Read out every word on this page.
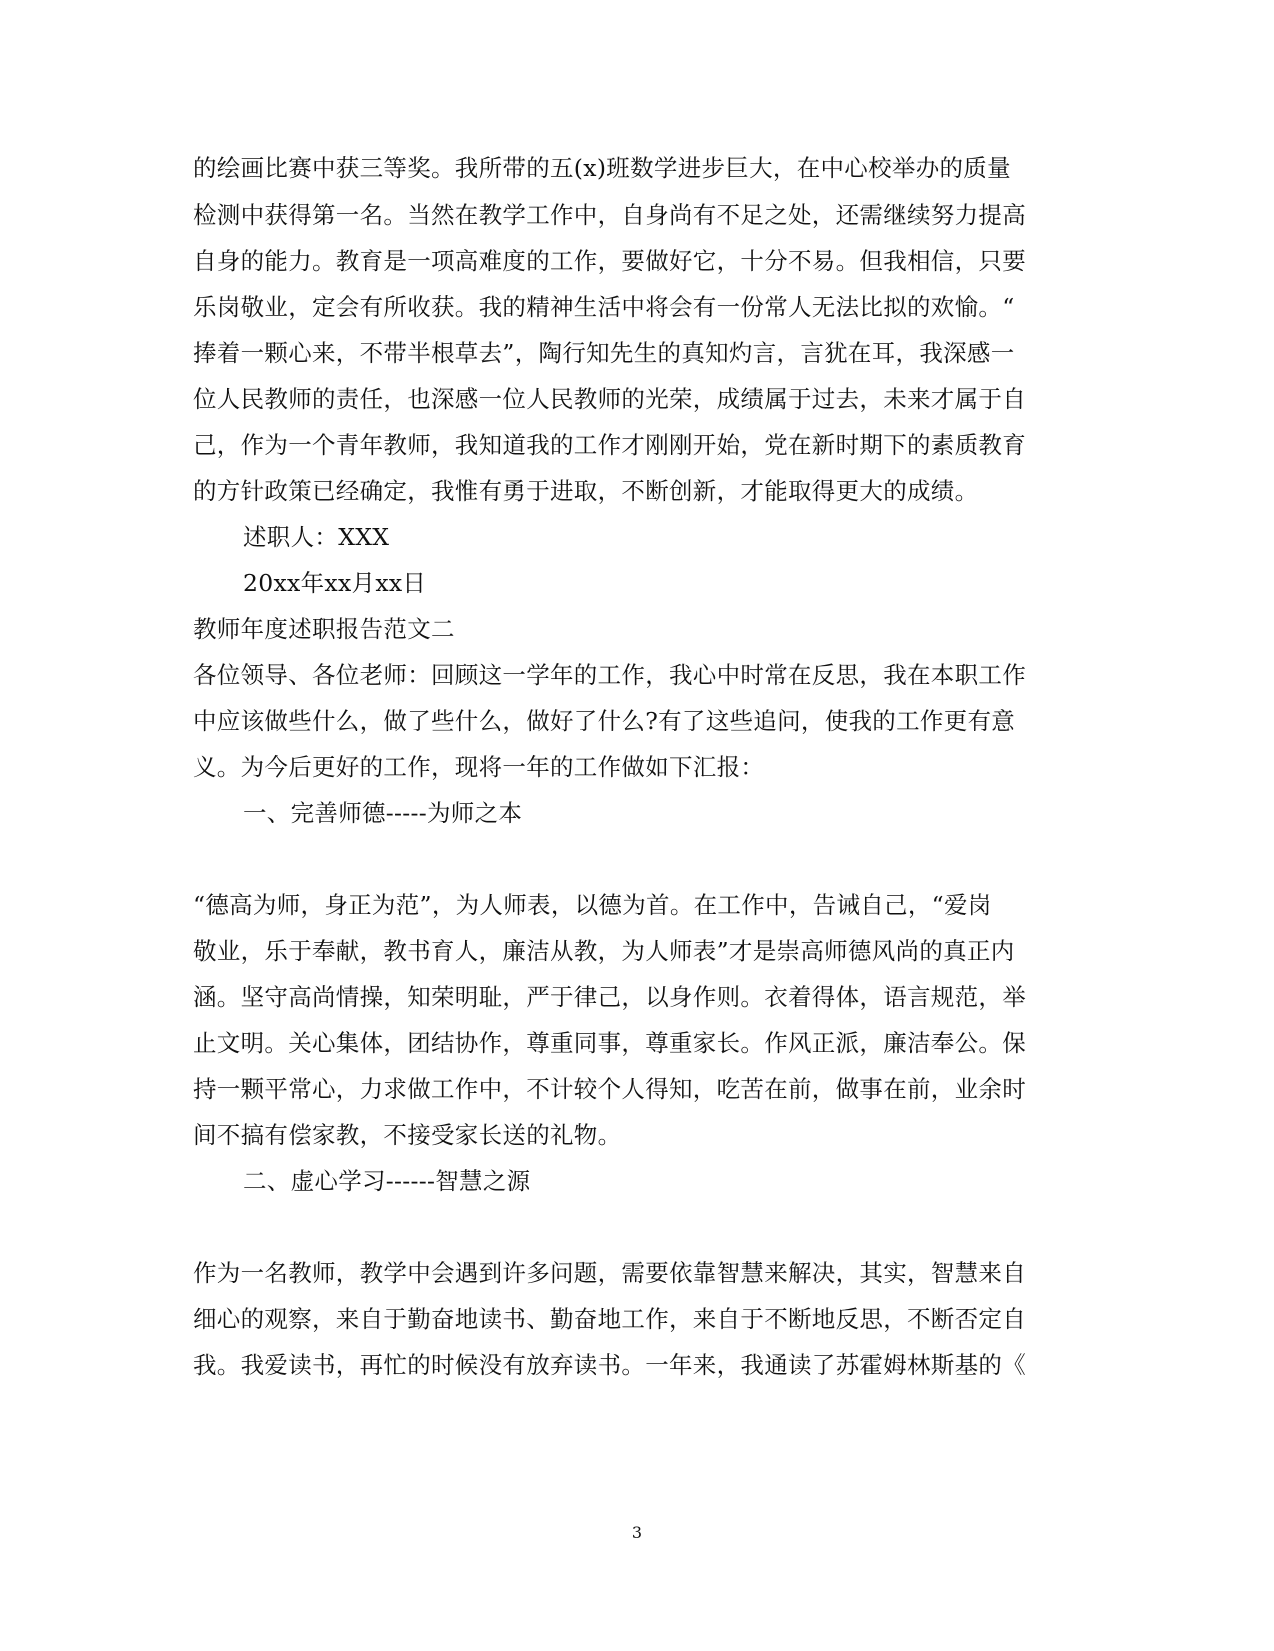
的绘画比赛中获三等奖。我所带的五(x)班数学进步巨大，在中心校举办的质量
检测中获得第一名。当然在教学工作中，自身尚有不足之处，还需继续努力提高
自身的能力。教育是一项高难度的工作，要做好它，十分不易。但我相信，只要
乐岗敬业，定会有所收获。我的精神生活中将会有一份常人无法比拟的欢愉。“
捧着一颗心来，不带半根草去”，陶行知先生的真知灼言，言犹在耳，我深感一
位人民教师的责任，也深感一位人民教师的光荣，成绩属于过去，未来才属于自
己，作为一个青年教师，我知道我的工作才刚刚开始，党在新时期下的素质教育
的方针政策已经确定，我惟有勇于进取，不断创新，才能取得更大的成绩。
述职人：XXX
20xx年xx月xx日
教师年度述职报告范文二
各位领导、各位老师：回顾这一学年的工作，我心中时常在反思，我在本职工作
中应该做些什么，做了些什么，做好了什么?有了这些追问，使我的工作更有意
义。为今后更好的工作，现将一年的工作做如下汇报：
一、完善师德-----为师之本
“德高为师，身正为范”，为人师表，以德为首。在工作中，告诫自己，“爱岗
敬业，乐于奉献，教书育人，廉洁从教，为人师表”才是崇高师德风尚的真正内
涵。坚守高尚情操，知荣明耻，严于律己，以身作则。衣着得体，语言规范，举
止文明。关心集体，团结协作，尊重同事，尊重家长。作风正派，廉洁奉公。保
持一颗平常心，力求做工作中，不计较个人得知，吃苦在前，做事在前，业余时
间不搞有偿家教，不接受家长送的礼物。
二、虚心学习------智慧之源
作为一名教师，教学中会遇到许多问题，需要依靠智慧来解决，其实，智慧来自
细心的观察，来自于勤奋地读书、勤奋地工作，来自于不断地反思，不断否定自
我。我爱读书，再忙的时候没有放弃读书。一年来，我通读了苏霍姆林斯基的《
3
